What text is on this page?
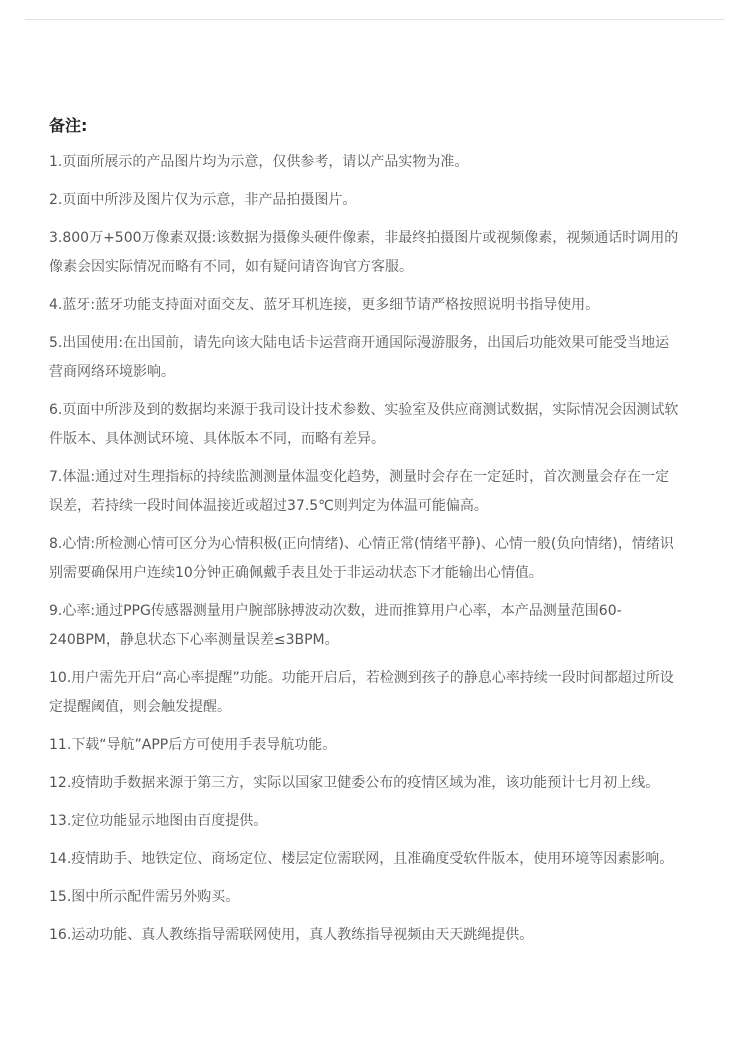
备注:

1.页面所展示的产品图片均为示意，仅供参考，请以产品实物为准。

2.页面中所涉及图片仅为示意，非产品拍摄图片。

3.800万+500万像素双摄:该数据为摄像头硬件像素，非最终拍摄图片或视频像素，视频通话时调用的像素会因实际情况而略有不同，如有疑问请咨询官方客服。

4.蓝牙:蓝牙功能支持面对面交友、蓝牙耳机连接，更多细节请严格按照说明书指导使用。

5.出国使用:在出国前，请先向该大陆电话卡运营商开通国际漫游服务，出国后功能效果可能受当地运营商网络环境影响。

6.页面中所涉及到的数据均来源于我司设计技术参数、实验室及供应商测试数据，实际情况会因测试软件版本、具体测试环境、具体版本不同，而略有差异。

7.体温:通过对生理指标的持续监测测量体温变化趋势，测量时会存在一定延时，首次测量会存在一定误差，若持续一段时间体温接近或超过37.5℃则判定为体温可能偏高。

8.心情:所检测心情可区分为心情积极(正向情绪)、心情正常(情绪平静)、心情一般(负向情绪)，情绪识别需要确保用户连续10分钟正确佩戴手表且处于非运动状态下才能输出心情值。

9.心率:通过PPG传感器测量用户腕部脉搏波动次数，进而推算用户心率，本产品测量范围60-240BPM，静息状态下心率测量误差≤3BPM。

10.用户需先开启“高心率提醒”功能。功能开启后，若检测到孩子的静息心率持续一段时间都超过所设定提醒阈值，则会触发提醒。

11.下载“导航”APP后方可使用手表导航功能。

12.疫情助手数据来源于第三方，实际以国家卫健委公布的疫情区域为准，该功能预计七月初上线。

13.定位功能显示地图由百度提供。

14.疫情助手、地铁定位、商场定位、楼层定位需联网，且准确度受软件版本，使用环境等因素影响。

15.图中所示配件需另外购买。

16.运动功能、真人教练指导需联网使用，真人教练指导视频由天天跳绳提供。
